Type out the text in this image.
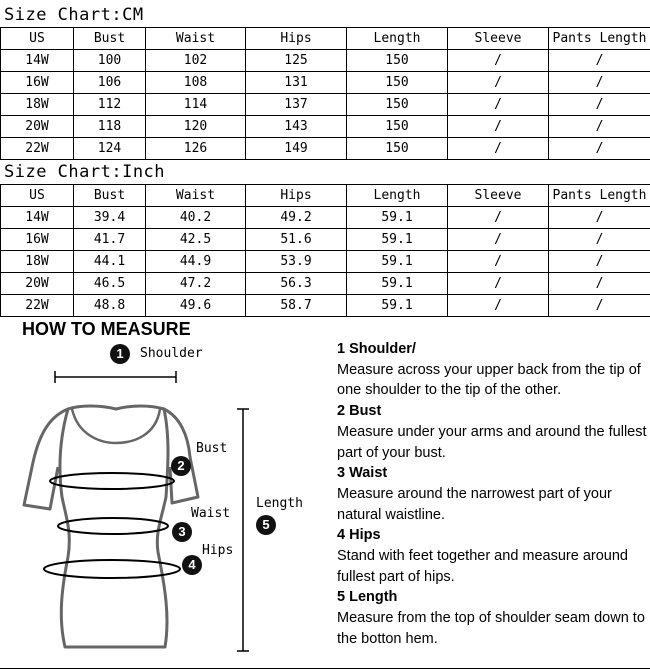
Size Chart:CM
US	Bust	Waist	Hips	Length	Sleeve	Pants Length
14W	100	102	125	150	/	/
16W	106	108	131	150	/	/
18W	112	114	137	150	/	/
20W	118	120	143	150	/	/
22W	124	126	149	150	/	/
Size Chart:Inch
US	Bust	Waist	Hips	Length	Sleeve	Pants Length
14W	39.4	40.2	49.2	59.1	/	/
16W	41.7	42.5	51.6	59.1	/	/
18W	44.1	44.9	53.9	59.1	/	/
20W	46.5	47.2	56.3	59.1	/	/
22W	48.8	49.6	58.7	59.1	/	/
HOW TO MEASURE
1	Shoulder
2
Bust
3
Waist
4
Hips
5
Length
1 Shoulder/
Measure across your upper back from the tip of one shoulder to the tip of the other.
2 Bust
Measure under your arms and around the fullest part of your bust.
3 Waist
Measure around the narrowest part of your natural waistline.
4 Hips
Stand with feet together and measure around fullest part of hips.
5 Length
Measure from the top of shoulder seam down to the botton hem.
